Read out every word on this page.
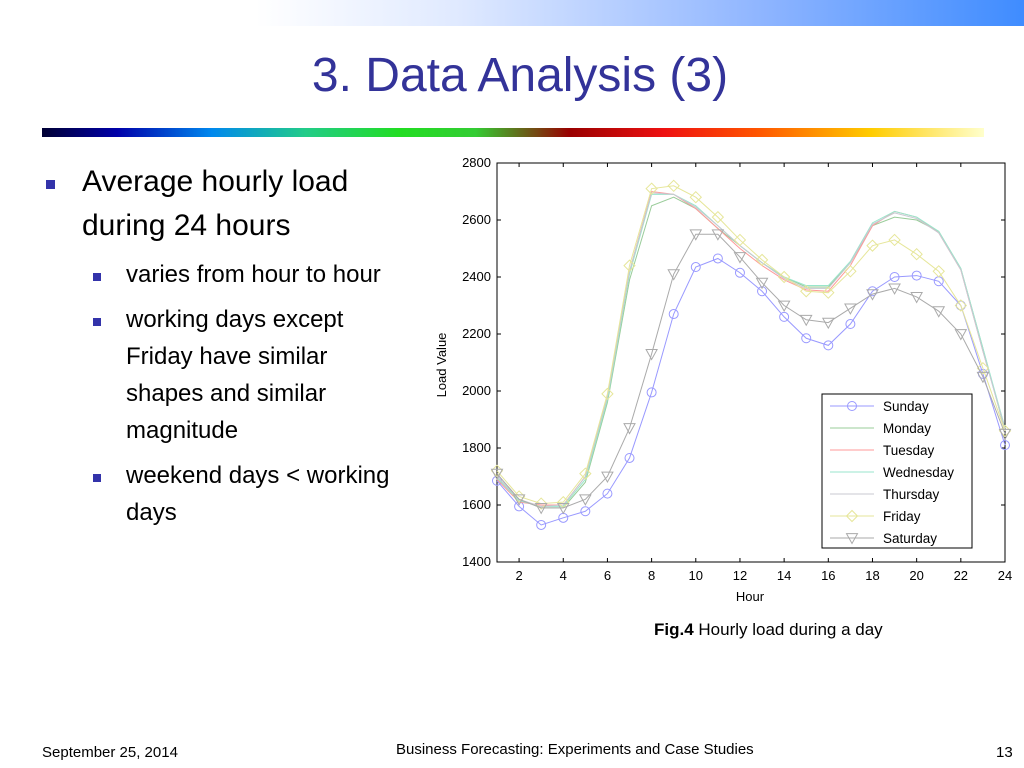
3. Data Analysis (3)
Average hourly load during 24 hours
varies from hour to hour
working days except Friday have similar shapes and similar magnitude
weekend days < working days
1400
1600
1800
2000
2200
2400
2600
2800
2	4	6	8	10 12 14 16 18 20 22 24
Sunday
Monday
Tuesday
Wednesday
Thursday
Friday
Saturday
Hour
Load Value
Fig.4 Hourly load during a day
September 25, 2014	Business Forecasting: Experiments and Case Studies	13
